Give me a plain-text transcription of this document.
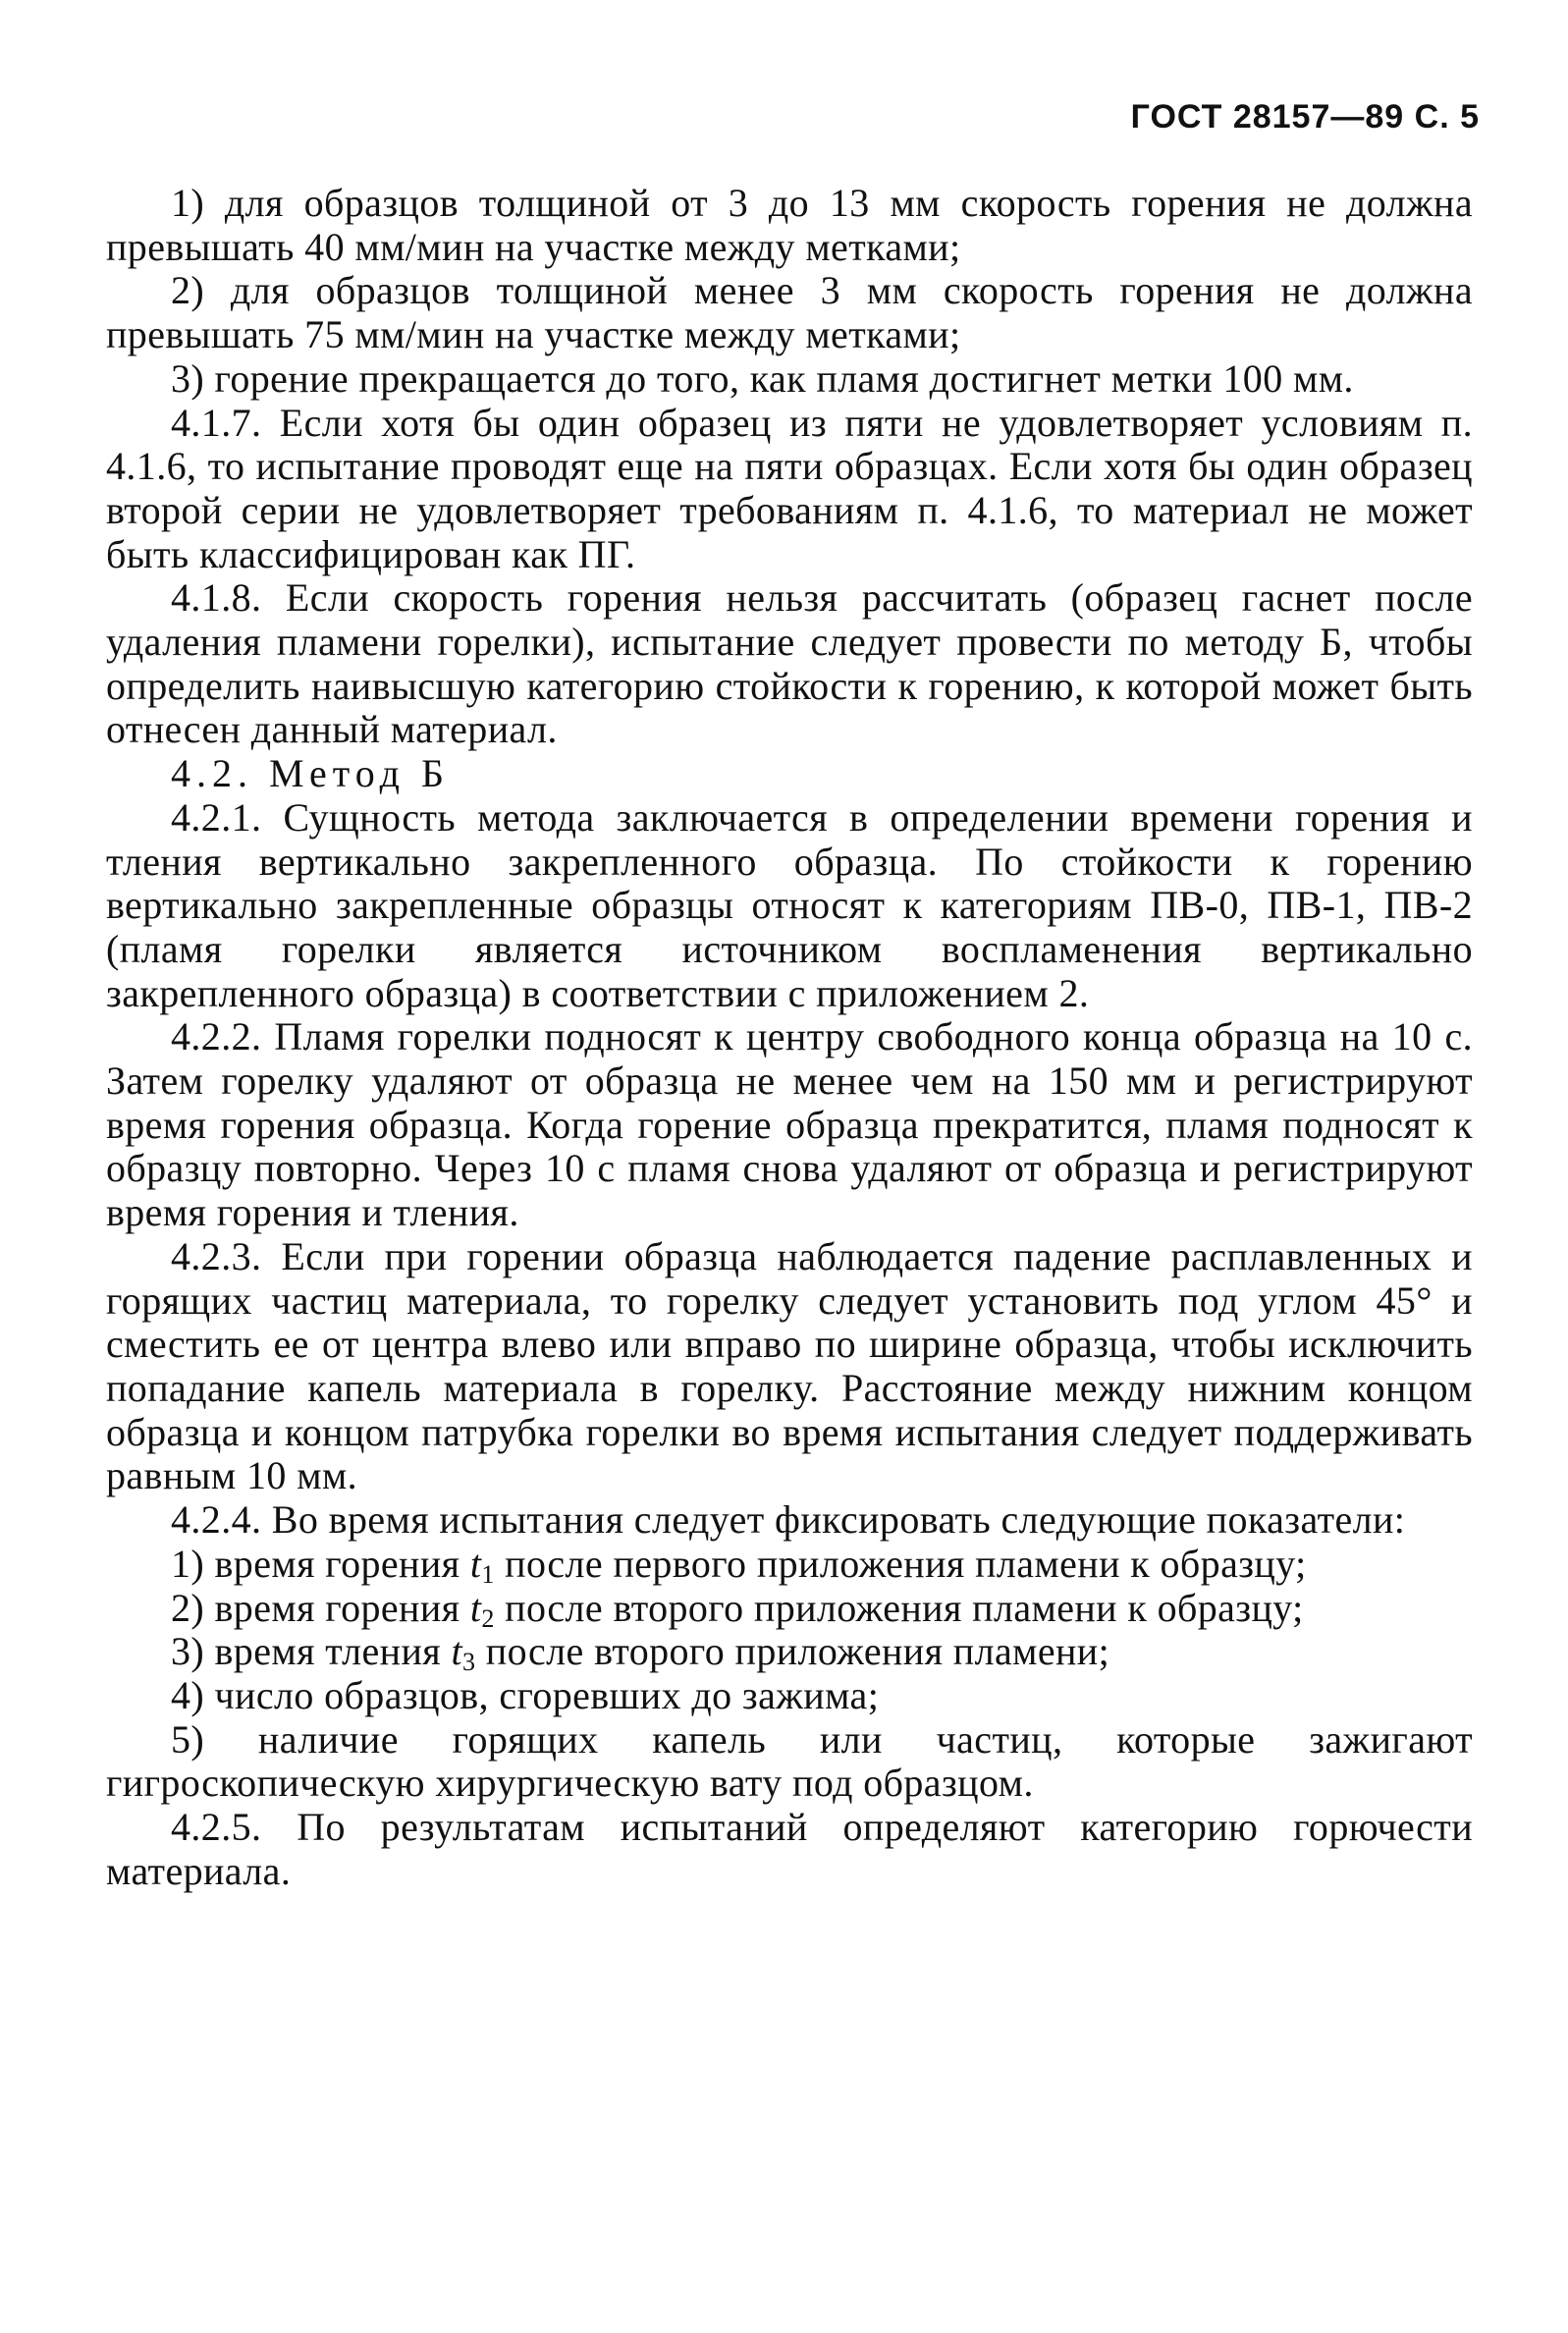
ГОСТ 28157—89 С. 5

1) для образцов толщиной от 3 до 13 мм скорость горения не должна превышать 40 мм/мин на участке между метками;

2) для образцов толщиной менее 3 мм скорость горения не должна превышать 75 мм/мин на участке между метками;

3) горение прекращается до того, как пламя достигнет метки 100 мм.

4.1.7. Если хотя бы один образец из пяти не удовлетворяет условиям п. 4.1.6, то испытание проводят еще на пяти образцах. Если хотя бы один образец второй серии не удовлетворяет требованиям п. 4.1.6, то материал не может быть классифицирован как ПГ.

4.1.8. Если скорость горения нельзя рассчитать (образец гаснет после удаления пламени горелки), испытание следует провести по методу Б, чтобы определить наивысшую категорию стойкости к горению, к которой может быть отнесен данный материал.

4.2. Метод Б

4.2.1. Сущность метода заключается в определении времени горения и тления вертикально закрепленного образца. По стойкости к горению вертикально закрепленные образцы относят к категориям ПВ-0, ПВ-1, ПВ-2 (пламя горелки является источником воспламенения вертикально закрепленного образца) в соответствии с приложением 2.

4.2.2. Пламя горелки подносят к центру свободного конца образца на 10 с. Затем горелку удаляют от образца не менее чем на 150 мм и регистрируют время горения образца. Когда горение образца прекратится, пламя подносят к образцу повторно. Через 10 с пламя снова удаляют от образца и регистрируют время горения и тления.

4.2.3. Если при горении образца наблюдается падение расплавленных и горящих частиц материала, то горелку следует установить под углом 45° и сместить ее от центра влево или вправо по ширине образца, чтобы исключить попадание капель материала в горелку. Расстояние между нижним концом образца и концом патрубка горелки во время испытания следует поддерживать равным 10 мм.

4.2.4. Во время испытания следует фиксировать следующие показатели:

1) время горения $t_1$ после первого приложения пламени к образцу;

2) время горения $t_2$ после второго приложения пламени к образцу;

3) время тления $t_3$ после второго приложения пламени;

4) число образцов, сгоревших до зажима;

5) наличие горящих капель или частиц, которые зажигают гигроскопическую хирургическую вату под образцом.

4.2.5. По результатам испытаний определяют категорию горючести материала.
